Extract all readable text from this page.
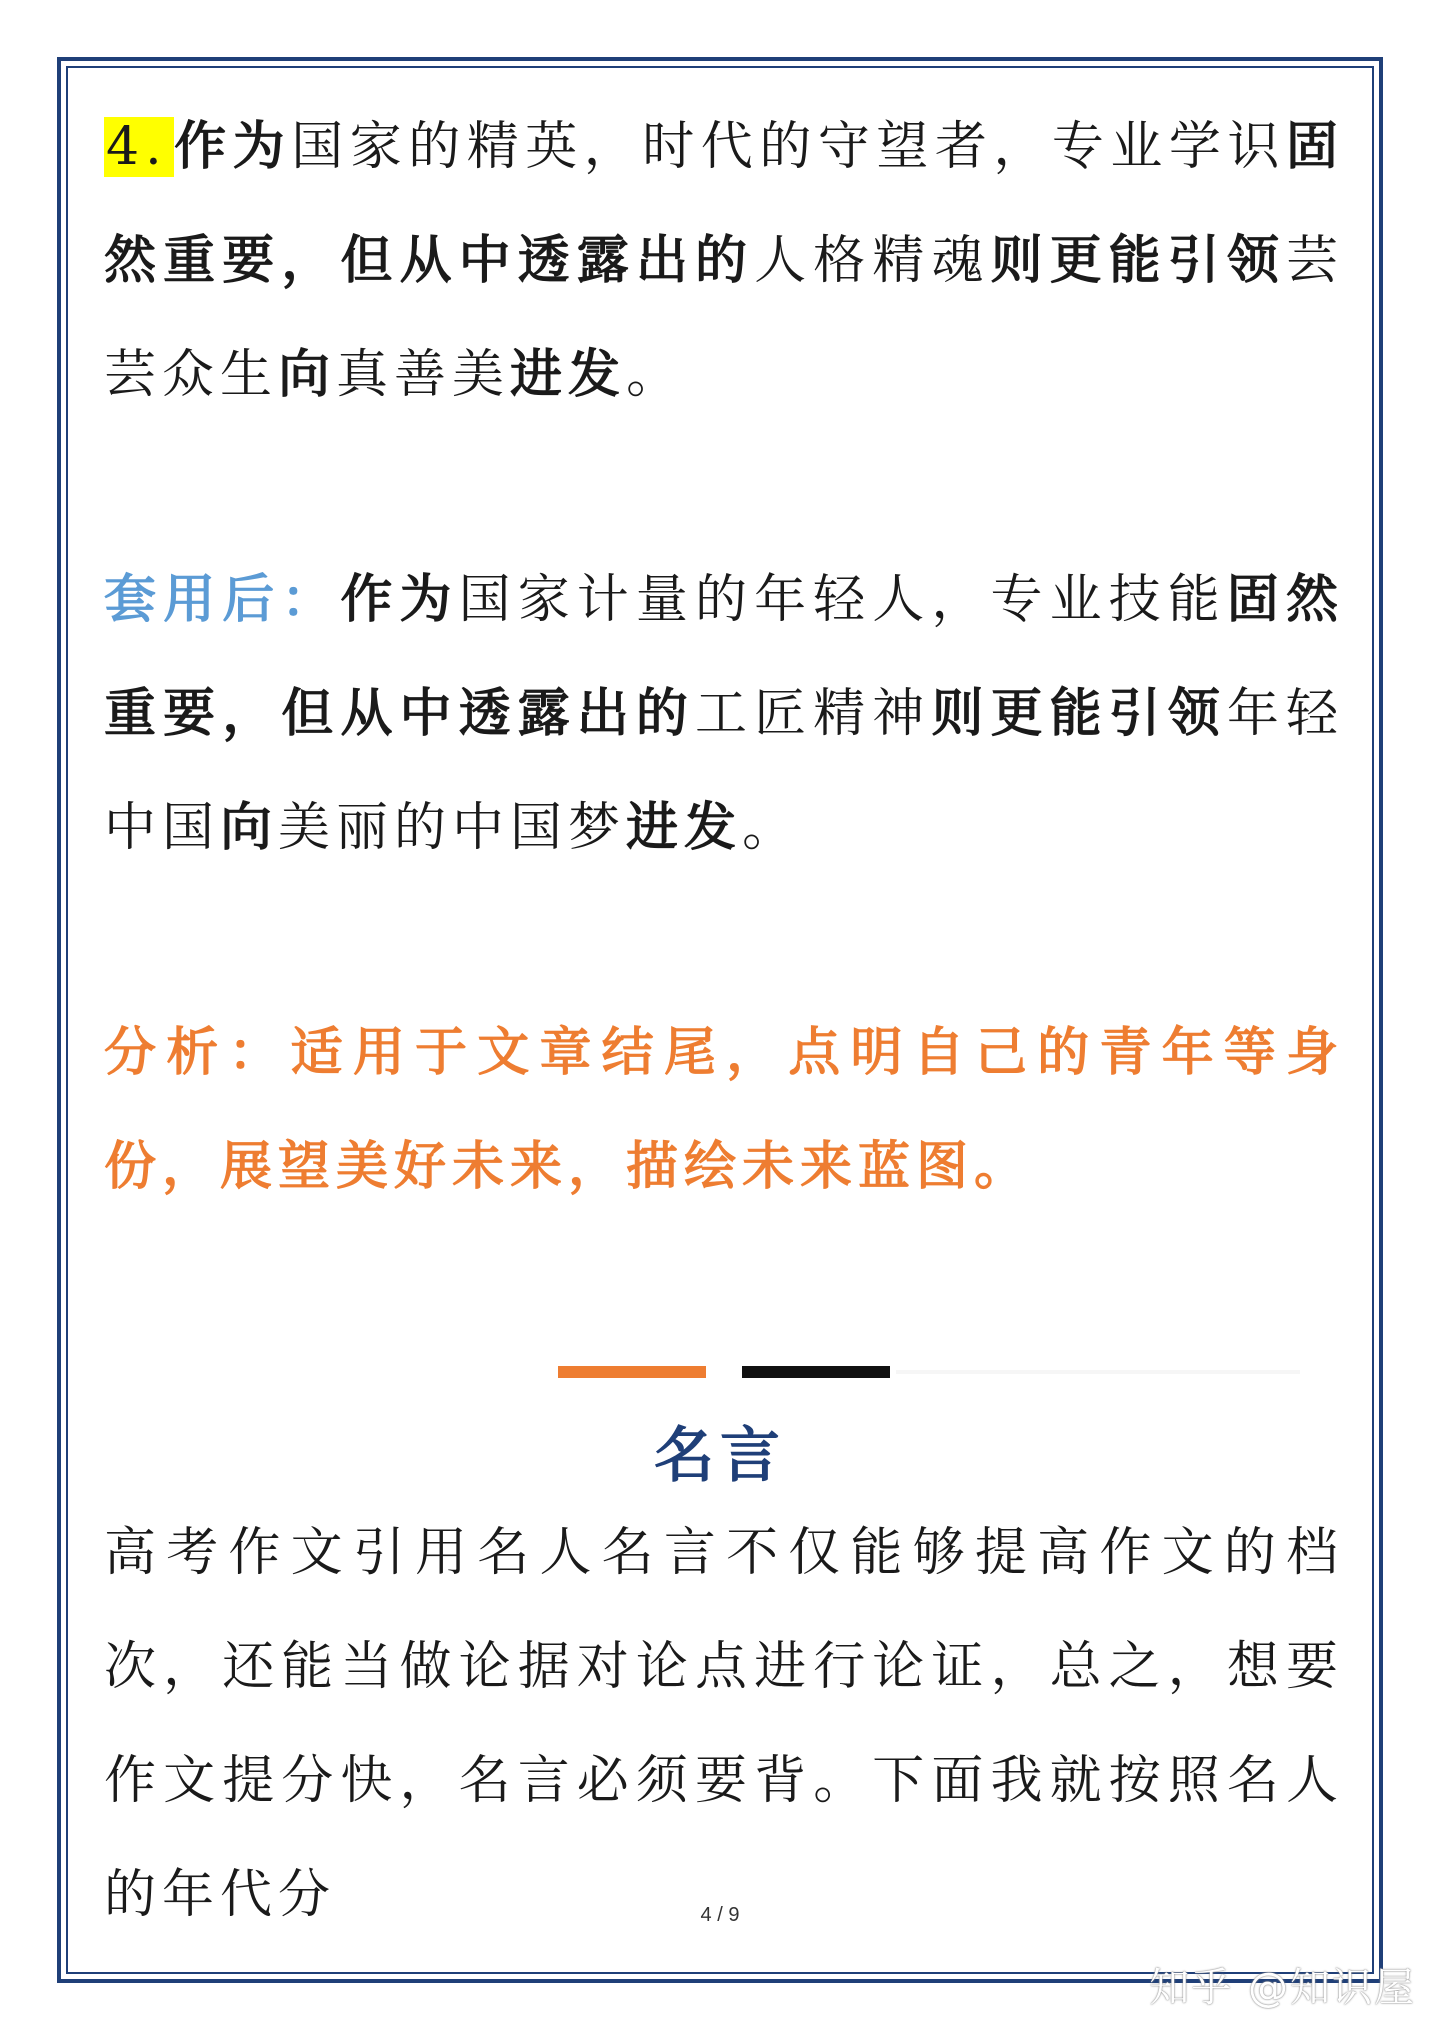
4. 作为国家的精英，时代的守望者，专业学识固然重要，但从中透露出的人格精魂则更能引领芸芸众生向真善美进发。
套用后：作为国家计量的年轻人，专业技能固然重要，但从中透露出的工匠精神则更能引领年轻中国向美丽的中国梦进发。
分析：适用于文章结尾，点明自己的青年等身份，展望美好未来，描绘未来蓝图。
名言
高考作文引用名人名言不仅能够提高作文的档次，还能当做论据对论点进行论证，总之，想要作文提分快，名言必须要背。下面我就按照名人的年代分	4 / 9
知乎 @知识屋
